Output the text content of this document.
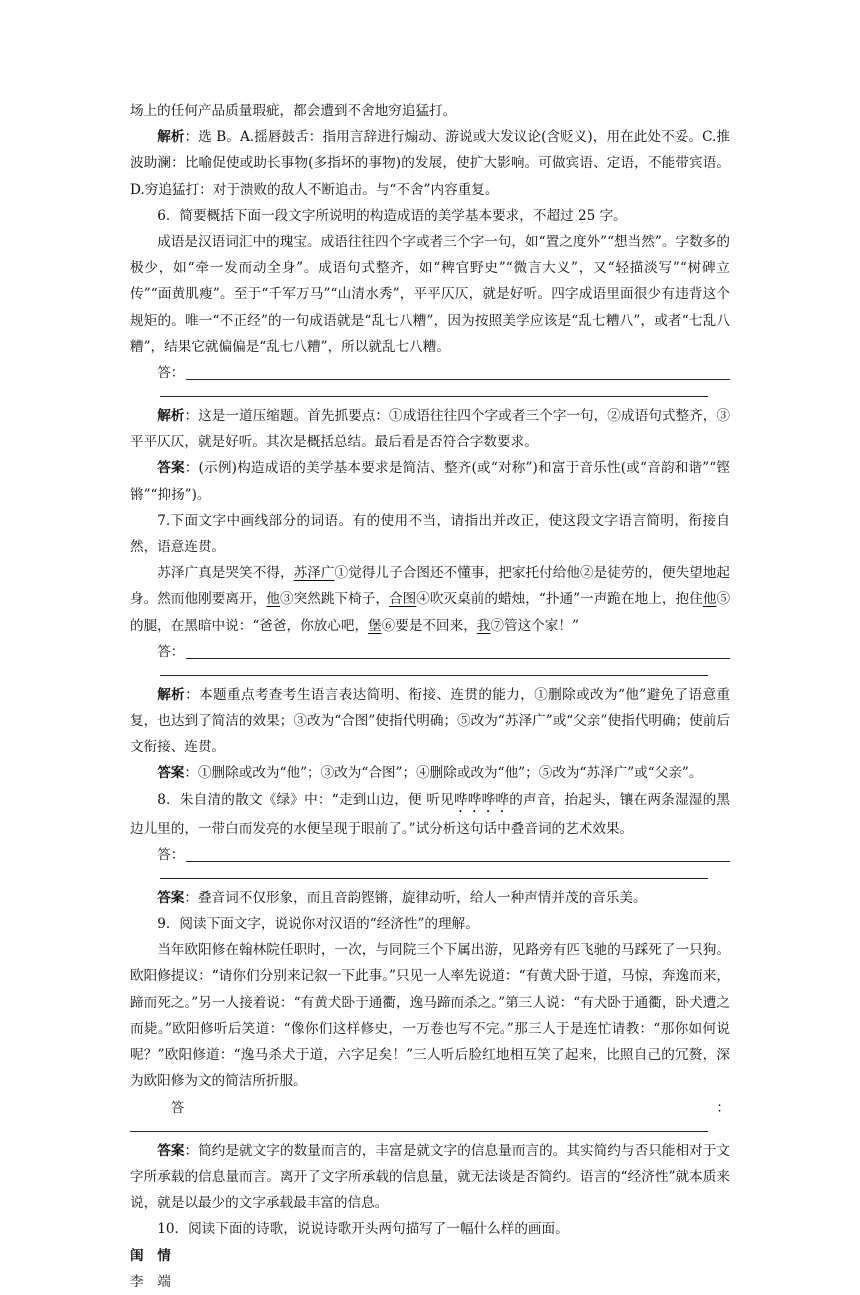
场上的任何产品质量瑕疵，都会遭到不舍地穷追猛打。

解析：选 B。A.摇唇鼓舌：指用言辞进行煽动、游说或大发议论(含贬义)，用在此处不妥。C.推波助澜：比喻促使或助长事物(多指坏的事物)的发展，使扩大影响。可做宾语、定语，不能带宾语。D.穷追猛打：对于溃败的敌人不断追击。与“不舍”内容重复。

6．简要概括下面一段文字所说明的构造成语的美学基本要求，不超过 25 字。

成语是汉语词汇中的瑰宝。成语往往四个字或者三个字一句，如“置之度外”“想当然”。字数多的极少，如“牵一发而动全身”。成语句式整齐，如“稗官野史”“微言大义”，又“轻描淡写”“树碑立传”“面黄肌瘦”。至于“千军万马”“山清水秀”，平平仄仄，就是好听。四字成语里面很少有违背这个规矩的。唯一“不正经”的一句成语就是“乱七八糟”，因为按照美学应该是“乱七糟八”，或者“七乱八糟”，结果它就偏偏是“乱七八糟”，所以就乱七八糟。

答：

解析：这是一道压缩题。首先抓要点：①成语往往四个字或者三个字一句，②成语句式整齐，③平平仄仄，就是好听。其次是概括总结。最后看是否符合字数要求。

答案：(示例)构造成语的美学基本要求是简洁、整齐(或“对称”)和富于音乐性(或“音韵和谐”“铿锵”“抑扬”)。

7.下面文字中画线部分的词语。有的使用不当，请指出并改正，使这段文字语言简明，衔接自然，语意连贯。

苏泽广真是哭笑不得，苏泽广①觉得儿子合图还不懂事，把家托付给他②是徒劳的，便失望地起身。然而他刚要离开，他③突然跳下椅子，合图④吹灭桌前的蜡烛，“扑通”一声跪在地上，抱住他⑤的腿，在黑暗中说：“爸爸，你放心吧，堡⑥要是不回来，我⑦管这个家！”

答：

解析：本题重点考查考生语言表达简明、衔接、连贯的能力，①删除或改为“他”避免了语意重复，也达到了简洁的效果；③改为“合图”使指代明确；⑤改为“苏泽广”或“父亲”使指代明确；使前后文衔接、连贯。

答案：①删除或改为“他”；③改为“合图”；④删除或改为“他”；⑤改为“苏泽广”或“父亲”。

8．朱自清的散文《绿》中：“走到山边，便 听见哗哗哗哗的声音，抬起头，镶在两条湿湿的黑边儿里的，一带白而发亮的水便呈现于眼前了。”试分析这句话中叠音词的艺术效果。

答：

答案：叠音词不仅形象，而且音韵铿锵，旋律动听，给人一种声情并茂的音乐美。

9．阅读下面文字，说说你对汉语的“经济性”的理解。

当年欧阳修在翰林院任职时，一次，与同院三个下属出游，见路旁有匹飞驰的马踩死了一只狗。欧阳修提议：“请你们分别来记叙一下此事。”只见一人率先说道：“有黄犬卧于道，马惊，奔逸而来，蹄而死之。”另一人接着说：“有黄犬卧于通衢，逸马蹄而杀之。”第三人说：“有犬卧于通衢，卧犬遭之而毙。”欧阳修听后笑道：“像你们这样修史，一万卷也写不完。”那三人于是连忙请教：“那你如何说呢？”欧阳修道：“逸马杀犬于道，六字足矣！”三人听后脸红地相互笑了起来，比照自己的冗赘，深为欧阳修为文的简洁所折服。

答	：

答案：简约是就文字的数量而言的，丰富是就文字的信息量而言的。其实简约与否只能相对于文字所承载的信息量而言。离开了文字所承载的信息量，就无法谈是否简约。语言的“经济性”就本质来说，就是以最少的文字承载最丰富的信息。

10．阅读下面的诗歌，说说诗歌开头两句描写了一幅什么样的画面。

闺情

李端
